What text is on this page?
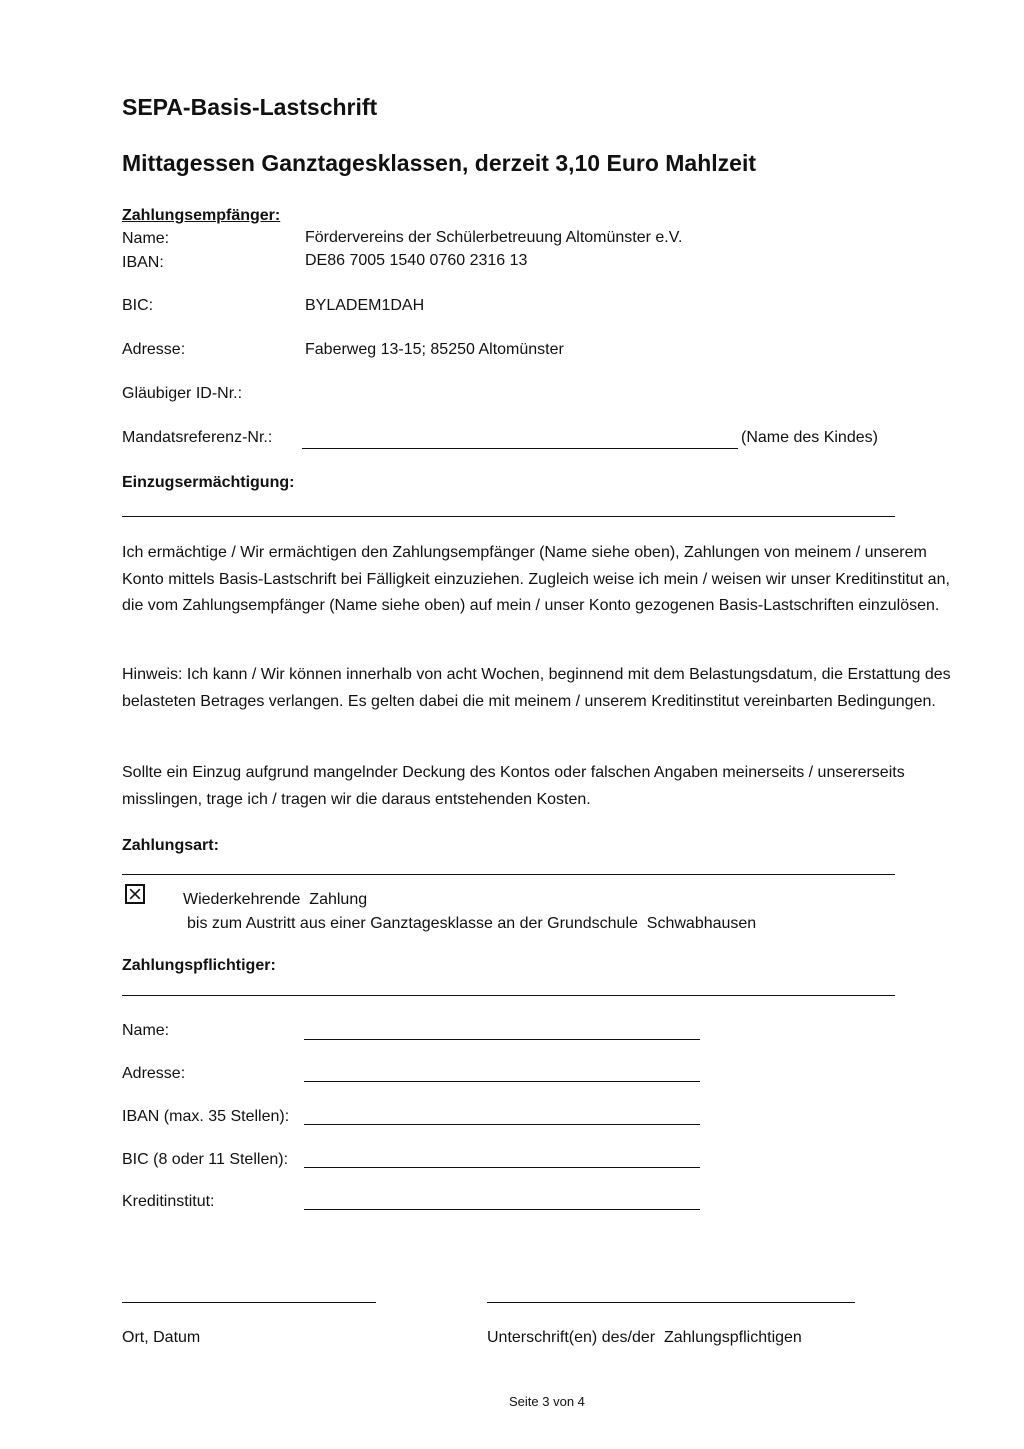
SEPA-Basis-Lastschrift
Mittagessen Ganztagesklassen, derzeit 3,10 Euro Mahlzeit
Zahlungsempfänger:
Name:	Fördervereins der Schülerbetreuung Altomünster e.V.
IBAN:	DE86 7005 1540 0760 2316 13
BIC:	BYLADEM1DAH
Adresse:	Faberweg 13-15; 85250 Altomünster
Gläubiger ID-Nr.:
Mandatsreferenz-Nr.:	(Name des Kindes)
Einzugsermächtigung:
Ich ermächtige / Wir ermächtigen den Zahlungsempfänger (Name siehe oben), Zahlungen von meinem / unserem Konto mittels Basis-Lastschrift bei Fälligkeit einzuziehen. Zugleich weise ich mein / weisen wir unser Kreditinstitut an, die vom Zahlungsempfänger (Name siehe oben) auf mein / unser Konto gezogenen Basis-Lastschriften einzulösen.
Hinweis: Ich kann / Wir können innerhalb von acht Wochen, beginnend mit dem Belastungsdatum, die Erstattung des belasteten Betrages verlangen. Es gelten dabei die mit meinem / unserem Kreditinstitut vereinbarten Bedingungen.
Sollte ein Einzug aufgrund mangelnder Deckung des Kontos oder falschen Angaben meinerseits / unsererseits misslingen, trage ich / tragen wir die daraus entstehenden Kosten.
Zahlungsart:
Wiederkehrende  Zahlung
bis zum Austritt aus einer Ganztagesklasse an der Grundschule  Schwabhausen
Zahlungspflichtiger:
Name:
Adresse:
IBAN (max. 35 Stellen):
BIC (8 oder 11 Stellen):
Kreditinstitut:
Ort, Datum	Unterschrift(en) des/der  Zahlungspflichtigen
Seite 3 von 4
